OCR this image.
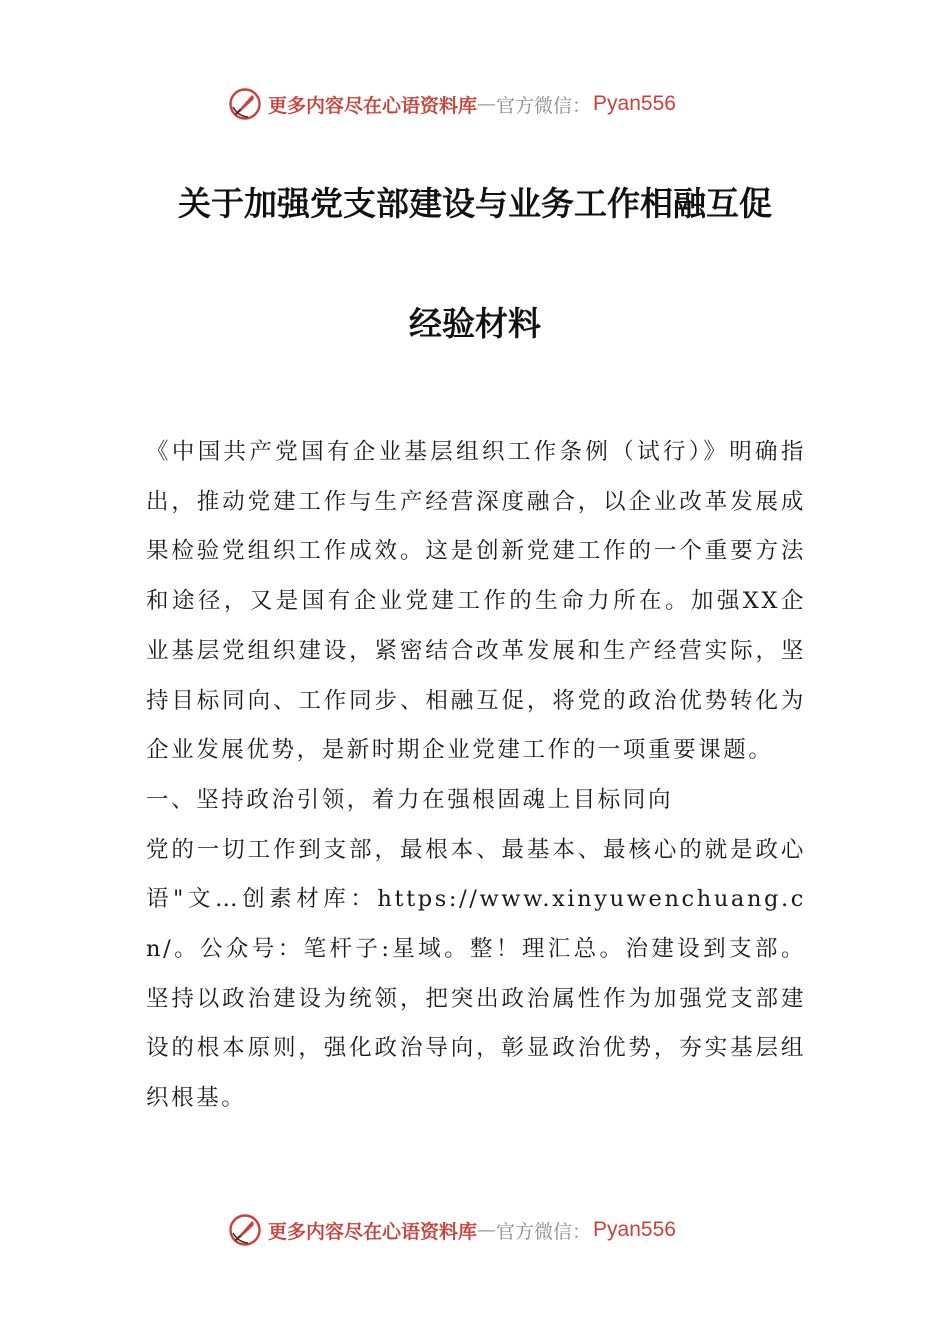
更多内容尽在心语资料库 — 官方微信： Pyan556
关于加强党支部建设与业务工作相融互促
经验材料

《中国共产党国有企业基层组织工作条例（试行）》明确指出，推动党建工作与生产经营深度融合，以企业改革发展成果检验党组织工作成效。这是创新党建工作的一个重要方法和途径，又是国有企业党建工作的生命力所在。加强XX企业基层党组织建设，紧密结合改革发展和生产经营实际，坚持目标同向、工作同步、相融互促，将党的政治优势转化为企业发展优势，是新时期企业党建工作的一项重要课题。

一、坚持政治引领，着力在强根固魂上目标同向

党的一切工作到支部，最根本、最基本、最核心的就是政心语"文…创素材库：https://www.xinyuwenchuang.cn/。公众号：笔杆子:星域。整！理汇总。治建设到支部。坚持以政治建设为统领，把突出政治属性作为加强党支部建设的根本原则，强化政治导向，彰显政治优势，夯实基层组织根基。

更多内容尽在心语资料库 — 官方微信： Pyan556
